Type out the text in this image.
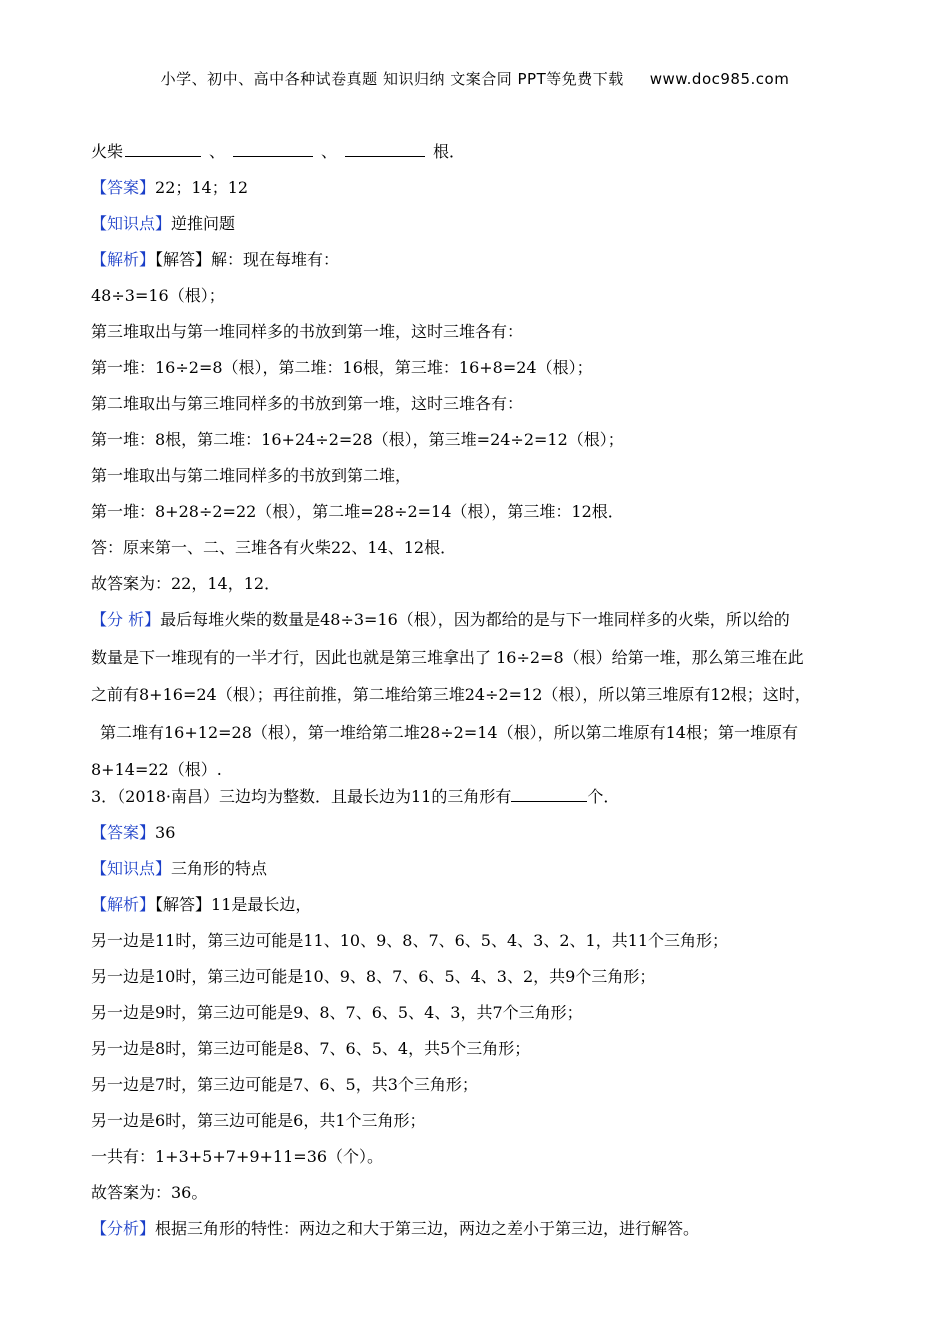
小学、初中、高中各种试卷真题 知识归纳 文案合同 PPT等免费下载 www.doc985.com
火柴	、	、	根．
【答案】22；14；12
【知识点】逆推问题
【解析】【解答】解：现在每堆有：
48÷3=16（根）；
第三堆取出与第一堆同样多的书放到第一堆，这时三堆各有：
第一堆：16÷2=8（根），第二堆：16根，第三堆：16+8=24（根）；
第二堆取出与第三堆同样多的书放到第一堆，这时三堆各有：
第一堆：8根，第二堆：16+24÷2=28（根），第三堆=24÷2=12（根）；
第一堆取出与第二堆同样多的书放到第二堆，
第一堆：8+28÷2=22（根），第二堆=28÷2=14（根），第三堆：12根．
答：原来第一、二、三堆各有火柴22、14、12根．
故答案为：22，14，12．
【分 析】最后每堆火柴的数量是48÷3=16（根），因为都给的是与下一堆同样多的火柴，所以给的
数量是下一堆现有的一半才行，因此也就是第三堆拿出了 16÷2=8（根）给第一堆，那么第三堆在此
之前有8+16=24（根）；再往前推，第二堆给第三堆24÷2=12（根），所以第三堆原有12根；这时，
第二堆有16+12=28（根），第一堆给第二堆28÷2=14（根），所以第二堆原有14根；第一堆原有
8+14=22（根）.
3．（2018·南昌）三边均为整数．且最长边为11的三角形有	个．
【答案】36
【知识点】三角形的特点
【解析】【解答】11是最长边，
另一边是11时，第三边可能是11、10、9、8、7、6、5、4、3、2、1，共11个三角形；
另一边是10时，第三边可能是10、9、8、7、6、5、4、3、2，共9个三角形；
另一边是9时，第三边可能是9、8、7、6、5、4、3，共7个三角形；
另一边是8时，第三边可能是8、7、6、5、4，共5个三角形；
另一边是7时，第三边可能是7、6、5，共3个三角形；
另一边是6时，第三边可能是6，共1个三角形；
一共有：1+3+5+7+9+11=36（个）。
故答案为：36。
【分析】根据三角形的特性：两边之和大于第三边，两边之差小于第三边，进行解答。
